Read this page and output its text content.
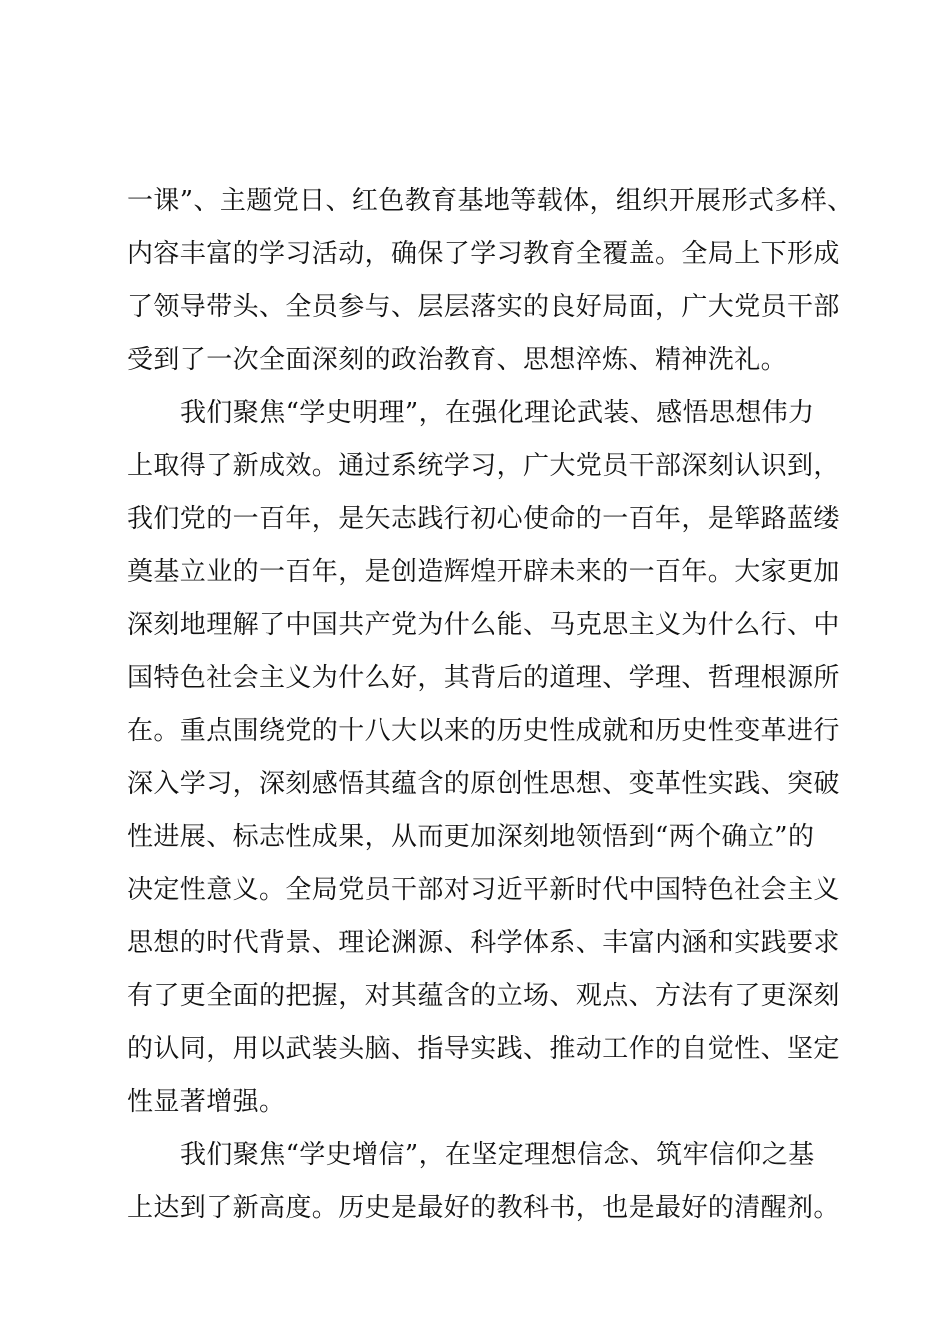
一课”、主题党日、红色教育基地等载体，组织开展形式多样、
内容丰富的学习活动，确保了学习教育全覆盖。全局上下形成
了领导带头、全员参与、层层落实的良好局面，广大党员干部
受到了一次全面深刻的政治教育、思想淬炼、精神洗礼。
我们聚焦“学史明理”，在强化理论武装、感悟思想伟力
上取得了新成效。通过系统学习，广大党员干部深刻认识到，
我们党的一百年，是矢志践行初心使命的一百年，是筚路蓝缕
奠基立业的一百年，是创造辉煌开辟未来的一百年。大家更加
深刻地理解了中国共产党为什么能、马克思主义为什么行、中
国特色社会主义为什么好，其背后的道理、学理、哲理根源所
在。重点围绕党的十八大以来的历史性成就和历史性变革进行
深入学习，深刻感悟其蕴含的原创性思想、变革性实践、突破
性进展、标志性成果，从而更加深刻地领悟到“两个确立”的
决定性意义。全局党员干部对习近平新时代中国特色社会主义
思想的时代背景、理论渊源、科学体系、丰富内涵和实践要求
有了更全面的把握，对其蕴含的立场、观点、方法有了更深刻
的认同，用以武装头脑、指导实践、推动工作的自觉性、坚定
性显著增强。
我们聚焦“学史增信”，在坚定理想信念、筑牢信仰之基
上达到了新高度。历史是最好的教科书，也是最好的清醒剂。
